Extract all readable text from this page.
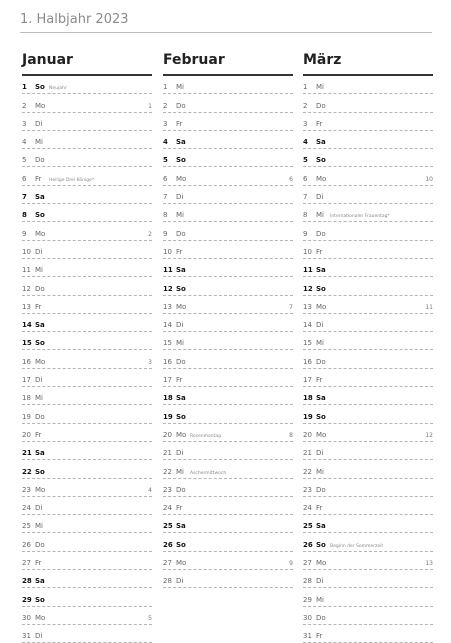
1. Halbjahr 2023
Januar
1	So Neujahr
2	Mo	1
3	Di
4	Mi
5	Do
6	Fr Heilige Drei Könige*
7	Sa
8	So
9	Mo	2
10 Di
11 Mi
12 Do
13 Fr
14 Sa
15 So
16 Mo	3
17 Di
18 Mi
19 Do
20 Fr
21 Sa
22 So
23 Mo	4
24 Di
25 Mi
26 Do
27 Fr
28 Sa
29 So
30 Mo	5
31 Di
Februar
1	Mi
2	Do
3	Fr
4	Sa
5	So
6	Mo	6
7	Di
8	Mi
9	Do
10 Fr
11 Sa
12 So
13 Mo	7
14 Di
15 Mi
16 Do
17 Fr
18 Sa
19 So
20 Mo Rosenmontag	8
21 Di
22 Mi Aschermittwoch
23 Do
24 Fr
25 Sa
26 So
27 Mo	9
28 Di
März
1	Mi
2	Do
3	Fr
4	Sa
5	So
6	Mo	10
7	Di
8	Mi Internationaler Frauentag*
9	Do
10 Fr
11 Sa
12 So
13 Mo	11
14 Di
15 Mi
16 Do
17 Fr
18 Sa
19 So
20 Mo	12
21 Di
22 Mi
23 Do
24 Fr
25 Sa
26 So Beginn der Sommerzeit
27 Mo	13
28 Di
29 Mi
30 Do
31 Fr
